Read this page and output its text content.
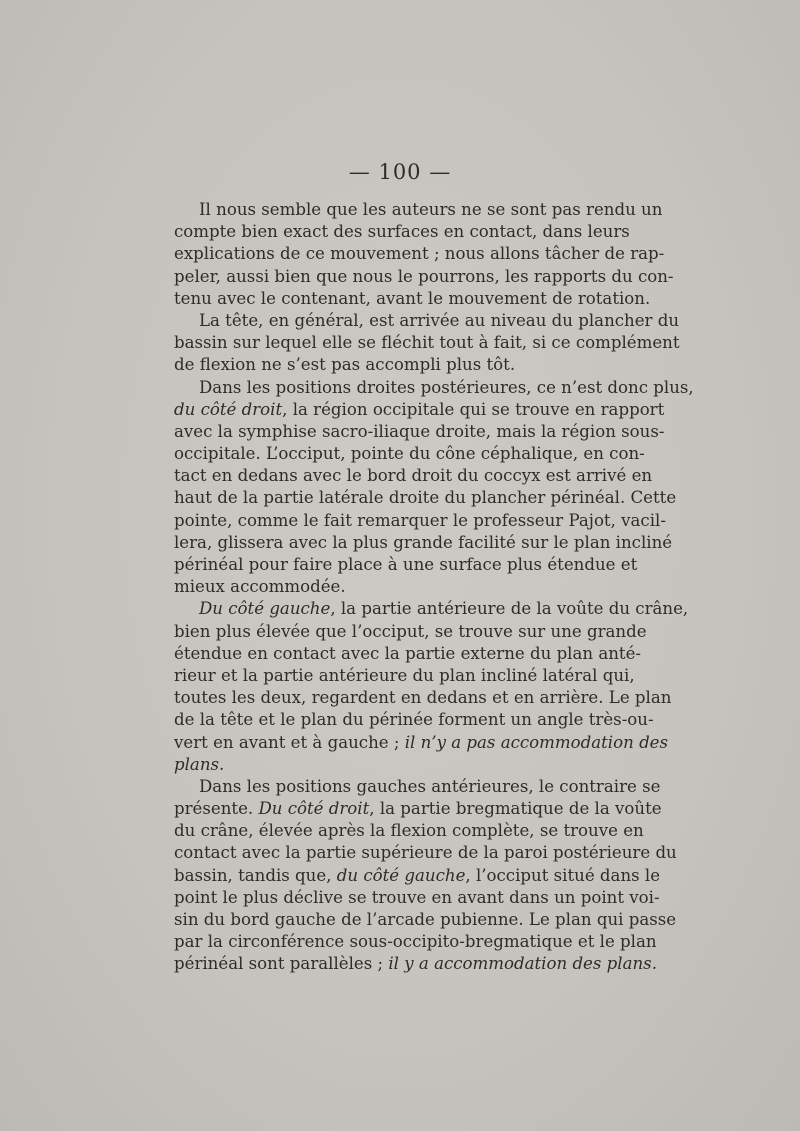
— 100 —
Il nous semble que les auteurs ne se sont pas rendu un
compte bien exact des surfaces en contact, dans leurs
explications de ce mouvement ; nous allons tâcher de rap-
peler, aussi bien que nous le pourrons, les rapports du con-
tenu avec le contenant, avant le mouvement de rotation.
La tête, en général, est arrivée au niveau du plancher du
bassin sur lequel elle se fléchit tout à fait, si ce complément
de flexion ne s’est pas accompli plus tôt.
Dans les positions droites postérieures, ce n’est donc plus,
du côté droit, la région occipitale qui se trouve en rapport
avec la symphise sacro-iliaque droite, mais la région sous-
occipitale. L’occiput, pointe du cône céphalique, en con-
tact en dedans avec le bord droit du coccyx est arrivé en
haut de la partie latérale droite du plancher périnéal. Cette
pointe, comme le fait remarquer le professeur Pajot, vacil-
lera, glissera avec la plus grande facilité sur le plan incliné
périnéal pour faire place à une surface plus étendue et
mieux accommodée.
Du côté gauche, la partie antérieure de la voûte du crâne,
bien plus élevée que l’occiput, se trouve sur une grande
étendue en contact avec la partie externe du plan anté-
rieur et la partie antérieure du plan incliné latéral qui,
toutes les deux, regardent en dedans et en arrière. Le plan
de la tête et le plan du périnée forment un angle très-ou-
vert en avant et à gauche ; il n’y a pas accommodation des
plans.
Dans les positions gauches antérieures, le contraire se
présente. Du côté droit, la partie bregmatique de la voûte
du crâne, élevée après la flexion complète, se trouve en
contact avec la partie supérieure de la paroi postérieure du
bassin, tandis que, du côté gauche, l’occiput situé dans le
point le plus déclive se trouve en avant dans un point voi-
sin du bord gauche de l’arcade pubienne. Le plan qui passe
par la circonférence sous-occipito-bregmatique et le plan
périnéal sont parallèles ; il y a accommodation des plans.
